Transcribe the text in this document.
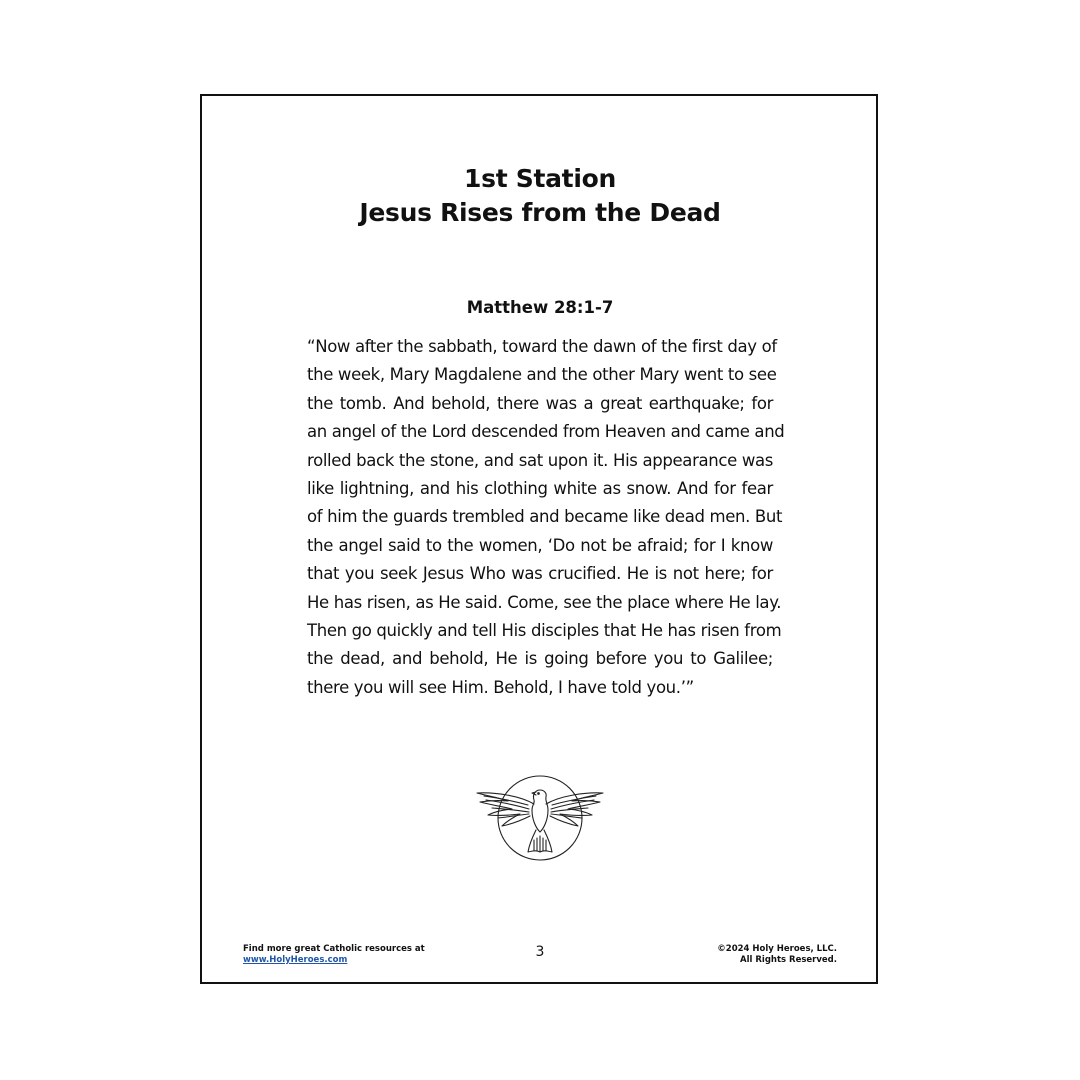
1st Station
Jesus Rises from the Dead
Matthew 28:1-7
“Now after the sabbath, toward the dawn of the first day of
the week, Mary Magdalene and the other Mary went to see
the tomb. And behold, there was a great earthquake; for
an angel of the Lord descended from Heaven and came and
rolled back the stone, and sat upon it. His appearance was
like lightning, and his clothing white as snow. And for fear
of him the guards trembled and became like dead men. But
the angel said to the women, ‘Do not be afraid; for I know
that you seek Jesus Who was crucified. He is not here; for
He has risen, as He said. Come, see the place where He lay.
Then go quickly and tell His disciples that He has risen from
the dead, and behold, He is going before you to Galilee;
there you will see Him. Behold, I have told you.’”
Find more great Catholic resources at
www.HolyHeroes.com	3	©2024 Holy Heroes, LLC.
All Rights Reserved.
